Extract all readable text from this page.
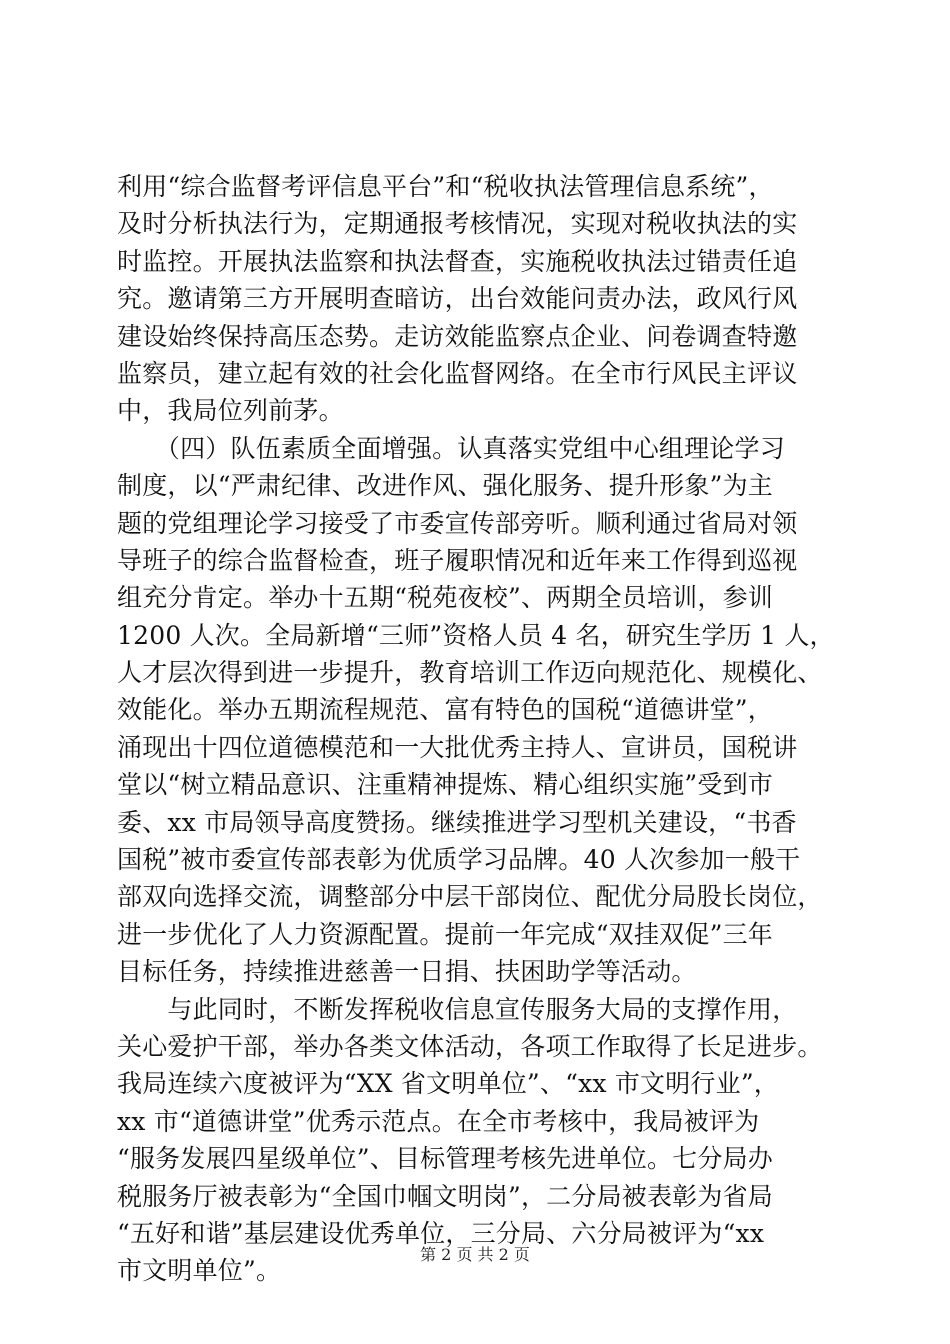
利用“综合监督考评信息平台”和“税收执法管理信息系统”，
及时分析执法行为，定期通报考核情况，实现对税收执法的实
时监控。开展执法监察和执法督查，实施税收执法过错责任追
究。邀请第三方开展明查暗访，出台效能问责办法，政风行风
建设始终保持高压态势。走访效能监察点企业、问卷调查特邀
监察员，建立起有效的社会化监督网络。在全市行风民主评议
中，我局位列前茅。
　　（四）队伍素质全面增强。认真落实党组中心组理论学习
制度，以“严肃纪律、改进作风、强化服务、提升形象”为主
题的党组理论学习接受了市委宣传部旁听。顺利通过省局对领
导班子的综合监督检查，班子履职情况和近年来工作得到巡视
组充分肯定。举办十五期“税苑夜校”、两期全员培训，参训
1200 人次。全局新增“三师”资格人员 4 名，研究生学历 1 人，
人才层次得到进一步提升，教育培训工作迈向规范化、规模化、
效能化。举办五期流程规范、富有特色的国税“道德讲堂”，
涌现出十四位道德模范和一大批优秀主持人、宣讲员，国税讲
堂以“树立精品意识、注重精神提炼、精心组织实施”受到市
委、xx 市局领导高度赞扬。继续推进学习型机关建设，“书香
国税”被市委宣传部表彰为优质学习品牌。40 人次参加一般干
部双向选择交流，调整部分中层干部岗位、配优分局股长岗位，
进一步优化了人力资源配置。提前一年完成“双挂双促”三年
目标任务，持续推进慈善一日捐、扶困助学等活动。
　　与此同时，不断发挥税收信息宣传服务大局的支撑作用，
关心爱护干部，举办各类文体活动，各项工作取得了长足进步。
我局连续六度被评为“XX 省文明单位”、“xx 市文明行业”，
xx 市“道德讲堂”优秀示范点。在全市考核中，我局被评为
“服务发展四星级单位”、目标管理考核先进单位。七分局办
税服务厅被表彰为“全国巾帼文明岗”，二分局被表彰为省局
“五好和谐”基层建设优秀单位，三分局、六分局被评为“xx
市文明单位”。
第 2 页 共 2 页
